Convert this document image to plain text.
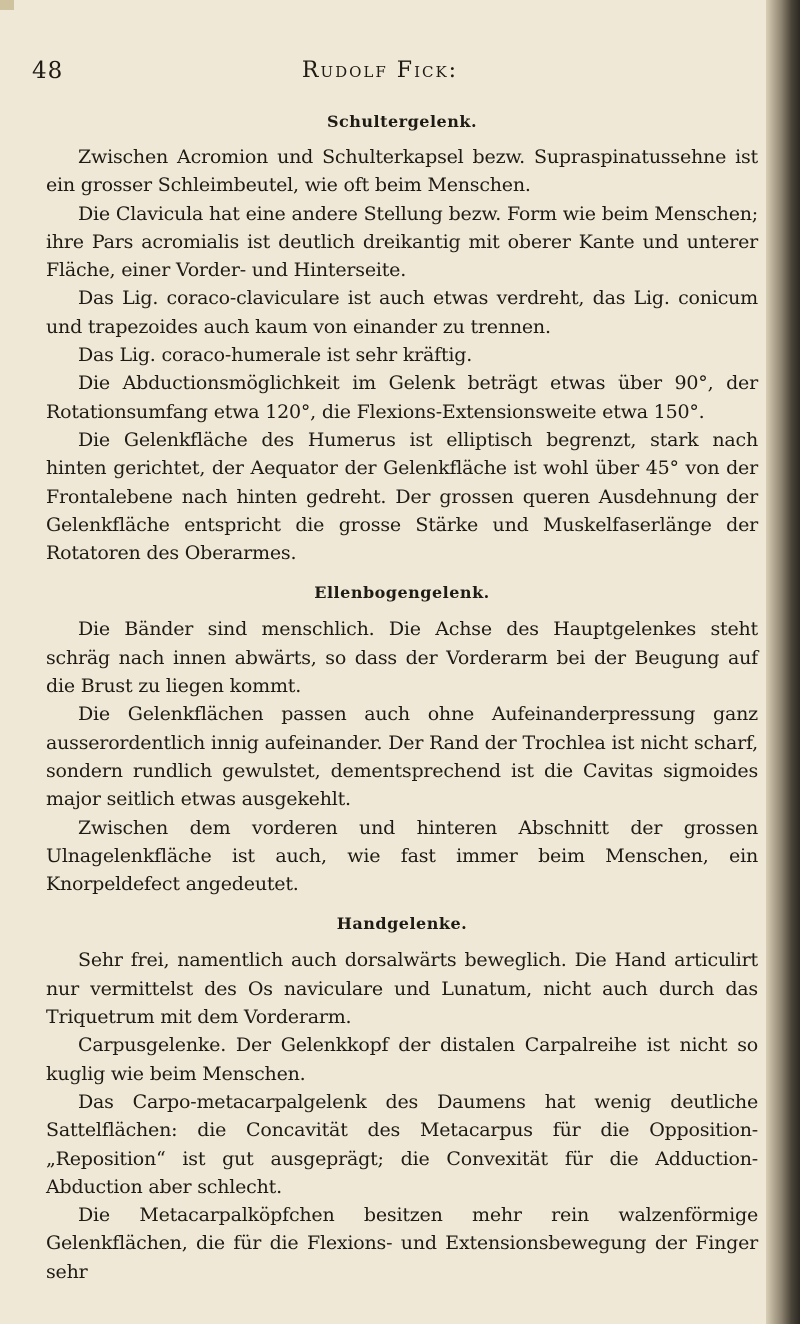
48	Rudolf Fick:
Schultergelenk.

Zwischen Acromion und Schulterkapsel bezw. Supraspinatussehne ist ein grosser Schleimbeutel, wie oft beim Menschen.

Die Clavicula hat eine andere Stellung bezw. Form wie beim Menschen; ihre Pars acromialis ist deutlich dreikantig mit oberer Kante und unterer Fläche, einer Vorder- und Hinterseite.

Das Lig. coraco-claviculare ist auch etwas verdreht, das Lig. conicum und trapezoides auch kaum von einander zu trennen.

Das Lig. coraco-humerale ist sehr kräftig.

Die Abductionsmöglichkeit im Gelenk beträgt etwas über 90°, der Rotationsumfang etwa 120°, die Flexions-Extensionsweite etwa 150°.

Die Gelenkfläche des Humerus ist elliptisch begrenzt, stark nach hinten gerichtet, der Aequator der Gelenkfläche ist wohl über 45° von der Frontalebene nach hinten gedreht. Der grossen queren Ausdehnung der Gelenkfläche entspricht die grosse Stärke und Muskelfaserlänge der Rotatoren des Oberarmes.

Ellenbogengelenk.

Die Bänder sind menschlich. Die Achse des Hauptgelenkes steht schräg nach innen abwärts, so dass der Vorderarm bei der Beugung auf die Brust zu liegen kommt.

Die Gelenkflächen passen auch ohne Aufeinanderpressung ganz ausserordentlich innig aufeinander. Der Rand der Trochlea ist nicht scharf, sondern rundlich gewulstet, dementsprechend ist die Cavitas sigmoides major seitlich etwas ausgekehlt.

Zwischen dem vorderen und hinteren Abschnitt der grossen Ulnagelenkfläche ist auch, wie fast immer beim Menschen, ein Knorpeldefect angedeutet.

Handgelenke.

Sehr frei, namentlich auch dorsalwärts beweglich. Die Hand articulirt nur vermittelst des Os naviculare und Lunatum, nicht auch durch das Triquetrum mit dem Vorderarm.

Carpusgelenke. Der Gelenkkopf der distalen Carpalreihe ist nicht so kuglig wie beim Menschen.

Das Carpo-metacarpalgelenk des Daumens hat wenig deutliche Sattelflächen: die Concavität des Metacarpus für die Opposition-„Reposition“ ist gut ausgeprägt; die Convexität für die Adduction-Abduction aber schlecht.

Die Metacarpalköpfchen besitzen mehr rein walzenförmige Gelenkflächen, die für die Flexions- und Extensionsbewegung der Finger sehr
